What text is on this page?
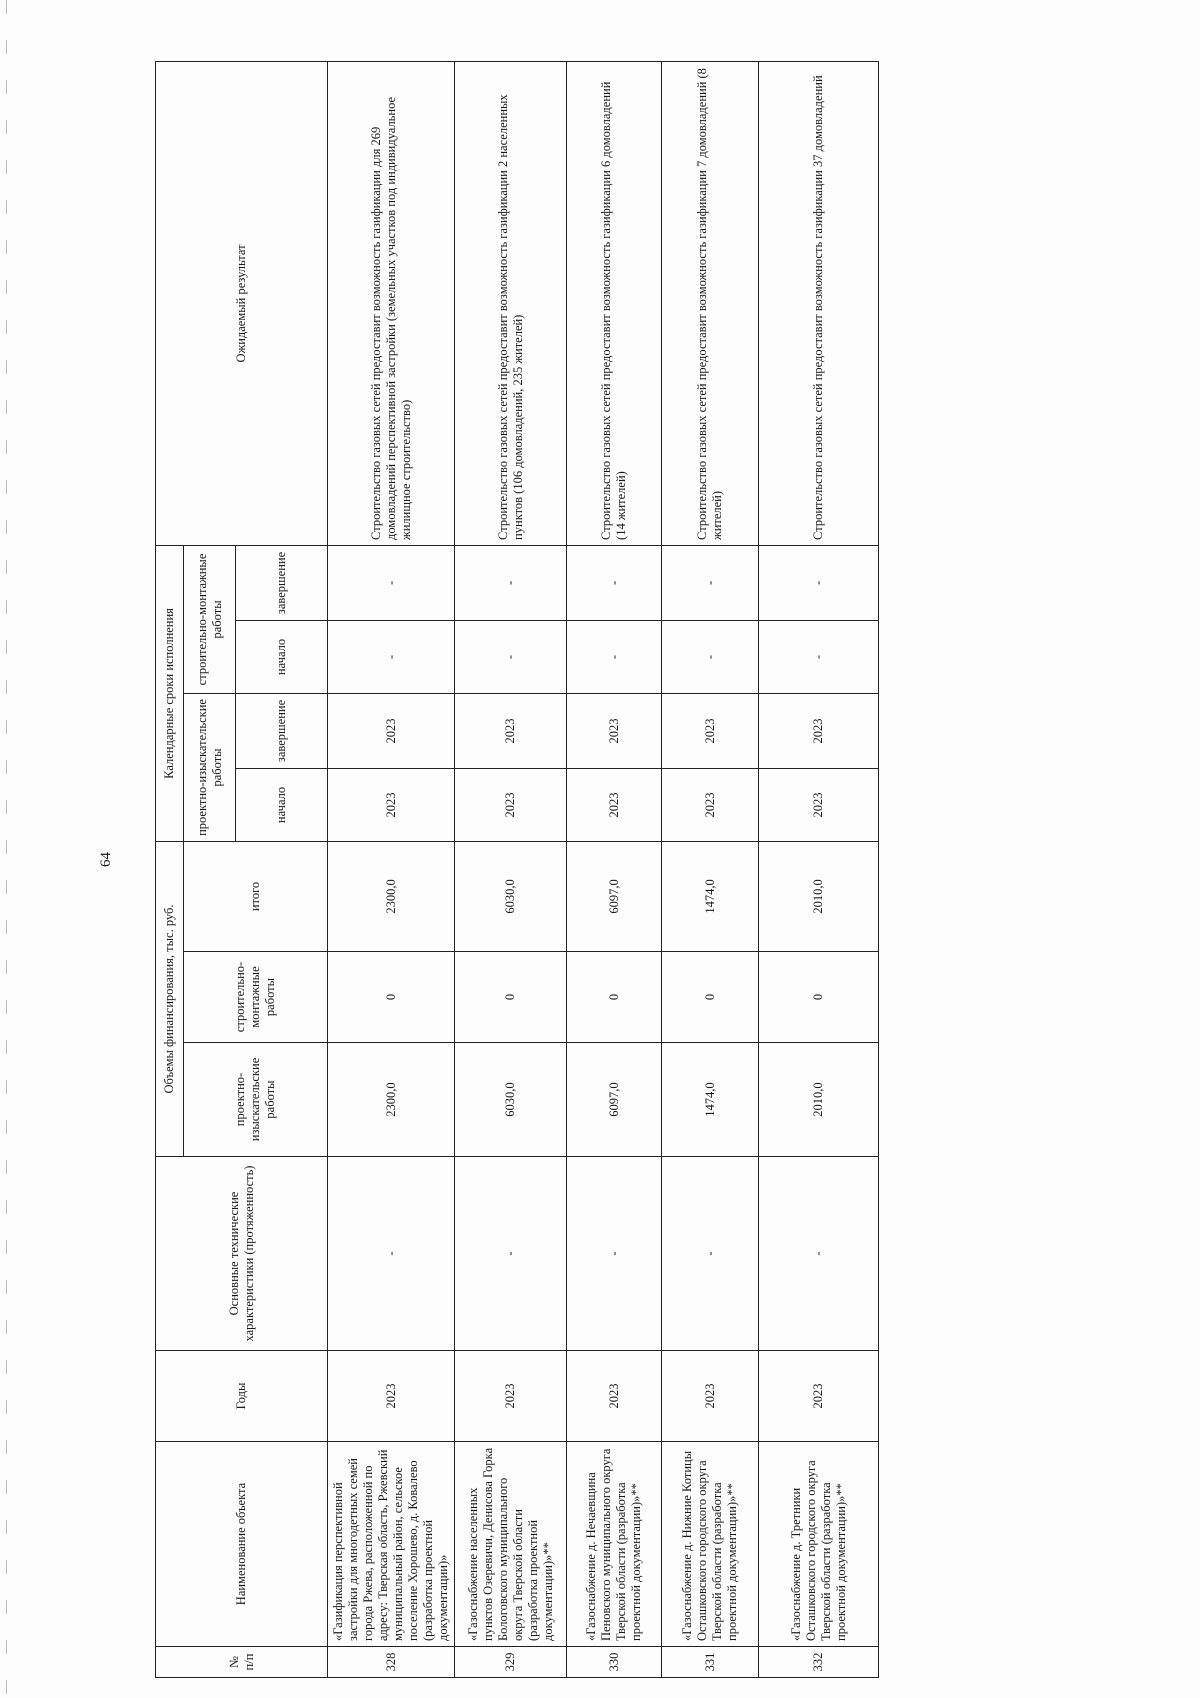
64
№ п/п	Наименование объекта	Годы	Основные технические характеристики (протяженность)	Объемы финансирования, тыс. руб.			Календарные сроки исполнения				Ожидаемый результат
				проектно-изыскательские работы	строительно-монтажные работы	итого	проектно-изыскательские работы		строительно-монтажные работы		
							начало	завершение	начало	завершение	
328	«Газификация перспективной застройки для многодетных семей города Ржева, расположенной по адресу: Тверская область, Ржевский муниципальный район, сельское поселение Хорошево, д. Ковалево (разработка проектной документации)»	2023	-	2300,0	0	2300,0	2023	2023	-	-	Строительство газовых сетей предоставит возможность газификации для 269 домовладений перспективной застройки (земельных участков под индивидуальное жилищное строительство)
329	«Газоснабжение населенных пунктов Озеревичи, Денисова Горка Бологовского муниципального округа Тверской области (разработка проектной документации)»**	2023	-	6030,0	0	6030,0	2023	2023	-	-	Строительство газовых сетей предоставит возможность газификации 2 населенных пунктов (106 домовладений, 235 жителей)
330	«Газоснабжение д. Нечаевщина Пеновского муниципального округа Тверской области (разработка проектной документации)»**	2023	-	6097,0	0	6097,0	2023	2023	-	-	Строительство газовых сетей предоставит возможность газификации 6 домовладений (14 жителей)
331	«Газоснабжение д. Нижние Котицы Осташковского городского округа Тверской области (разработка проектной документации)»**	2023	-	1474,0	0	1474,0	2023	2023	-	-	Строительство газовых сетей предоставит возможность газификации 7 домовладений (8 жителей)
332	«Газоснабжение д. Третники Осташковского городского округа Тверской области (разработка проектной документации)»**	2023	-	2010,0	0	2010,0	2023	2023	-	-	Строительство газовых сетей предоставит возможность газификации 37 домовладений
